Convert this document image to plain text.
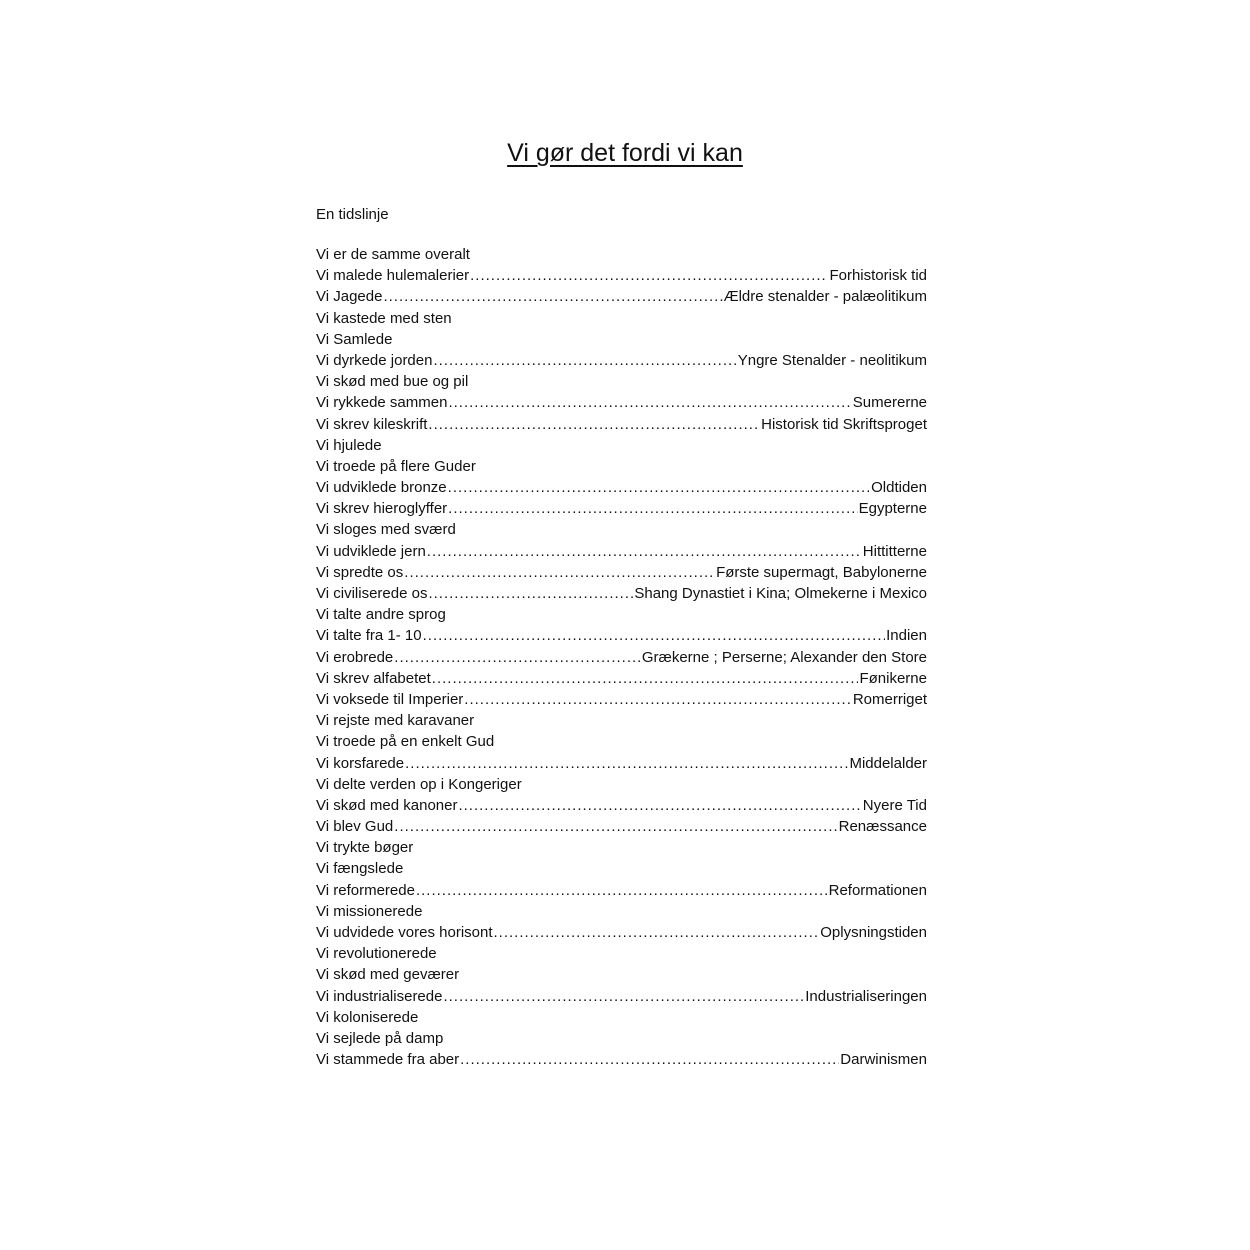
Vi gør det fordi vi kan

En tidslinje

Vi er de samme overalt
Vi malede hulemalerier .....	Forhistorisk tid
Vi Jagede .....	Ældre stenalder - palæolitikum
Vi kastede med sten
Vi Samlede
Vi dyrkede jorden .....	Yngre Stenalder - neolitikum
Vi skød med bue og pil
Vi rykkede sammen .....	Sumererne
Vi skrev kileskrift .....	Historisk tid Skriftsproget
Vi hjulede
Vi troede på flere Guder
Vi udviklede bronze .....	Oldtiden
Vi skrev hieroglyffer .....	Egypterne
Vi sloges med sværd
Vi udviklede jern .....	Hittitterne
Vi spredte os .....	Første supermagt, Babylonerne
Vi civiliserede os .....	Shang Dynastiet i Kina; Olmekerne i Mexico
Vi talte andre sprog
Vi talte fra 1- 10 .....	Indien
Vi erobrede .....	Grækerne ; Perserne; Alexander den Store
Vi skrev alfabetet .....	Fønikerne
Vi voksede til Imperier .....	Romerriget
Vi rejste med karavaner
Vi troede på en enkelt Gud
Vi korsfarede .....	Middelalder
Vi delte verden op i Kongeriger
Vi skød med kanoner .....	Nyere Tid
Vi blev Gud .....	Renæssance
Vi trykte bøger
Vi fængslede
Vi reformerede .....	Reformationen
Vi missionerede
Vi udvidede vores horisont .....	Oplysningstiden
Vi revolutionerede
Vi skød med geværer
Vi industrialiserede .....	Industrialiseringen
Vi koloniserede
Vi sejlede på damp
Vi stammede fra aber .....	Darwinismen
